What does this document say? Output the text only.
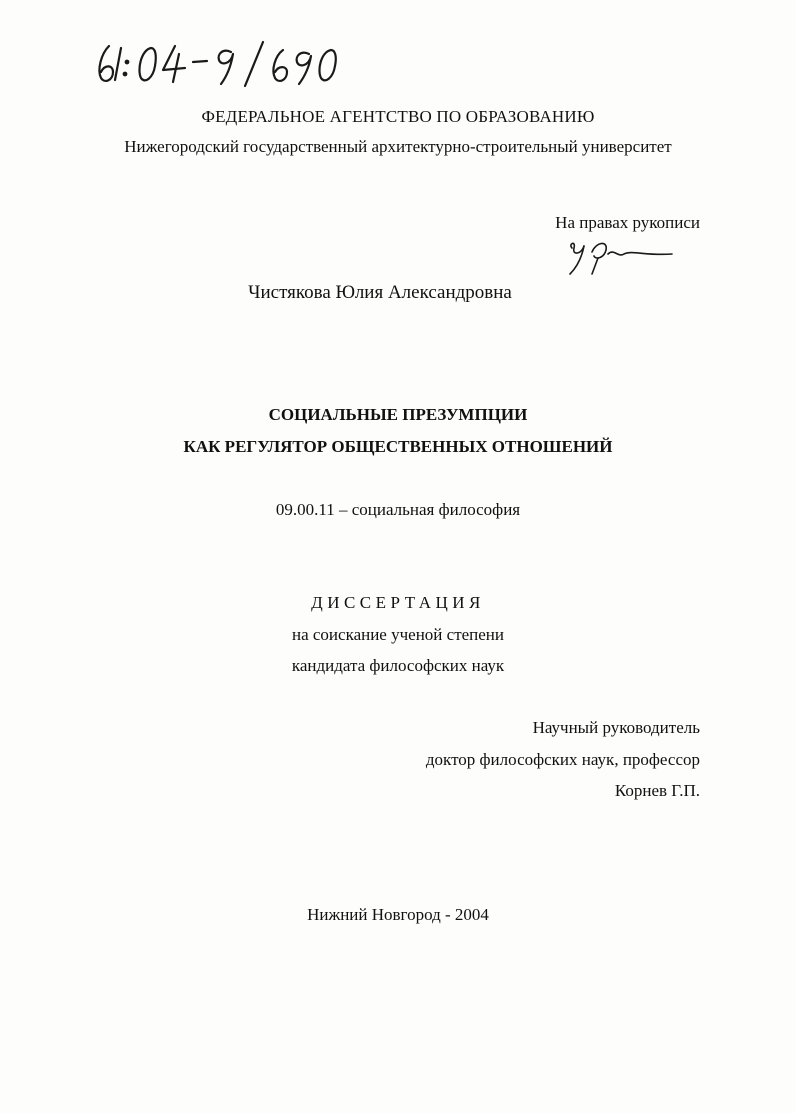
ФЕДЕРАЛЬНОЕ АГЕНТСТВО ПО ОБРАЗОВАНИЮ
Нижегородский государственный архитектурно-строительный университет
На правах рукописи
Чистякова Юлия Александровна
СОЦИАЛЬНЫЕ ПРЕЗУМПЦИИ
КАК РЕГУЛЯТОР ОБЩЕСТВЕННЫХ ОТНОШЕНИЙ
09.00.11 – социальная философия
ДИССЕРТАЦИЯ
на соискание ученой степени
кандидата философских наук
Научный руководитель
доктор философских наук, профессор
Корнев Г.П.
Нижний Новгород - 2004
